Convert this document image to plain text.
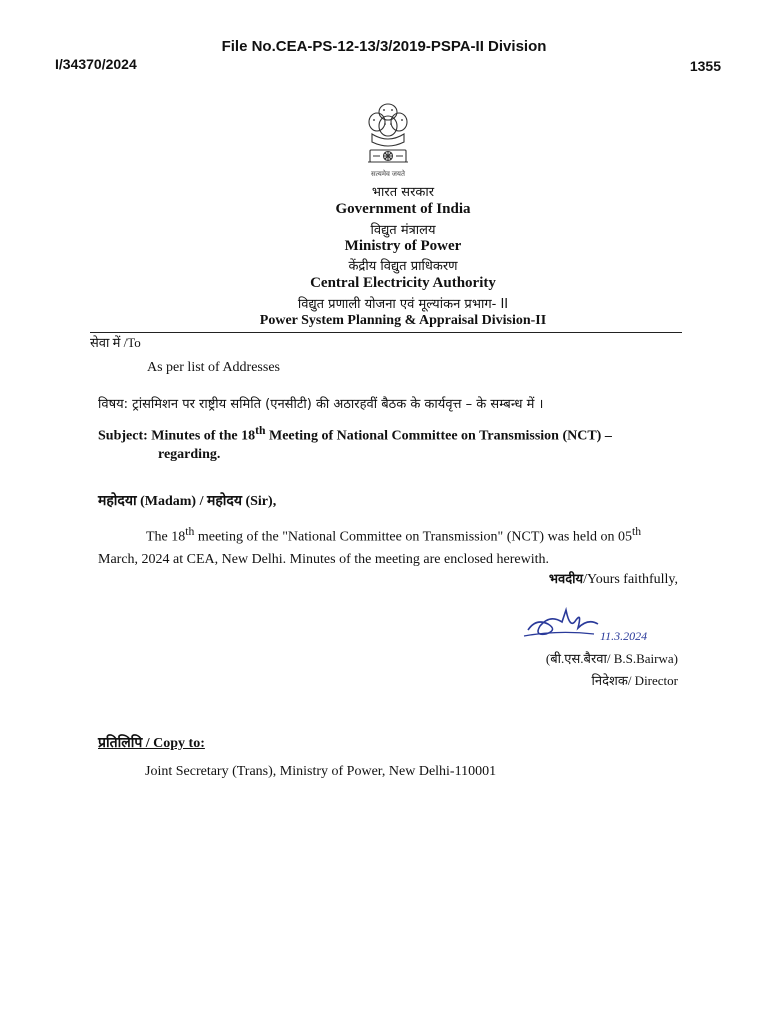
File No.CEA-PS-12-13/3/2019-PSPA-II Division
I/34370/2024	1355
सत्यमेव जयते
भारत सरकार
Government of India
विद्युत मंत्रालय
Ministry of Power
केंद्रीय विद्युत प्राधिकरण
Central Electricity Authority
विद्युत प्रणाली योजना एवं मूल्यांकन प्रभाग- II
Power System Planning & Appraisal Division-II
सेवा में /To
As per list of Addresses
विषय: ट्रांसमिशन पर राष्ट्रीय समिति (एनसीटी) की अठारहवीं बैठक के कार्यवृत्त – के सम्बन्ध में ।
Subject: Minutes of the 18th Meeting of National Committee on Transmission (NCT) –
regarding.
महोदया (Madam) / महोदय (Sir),
The 18th meeting of the "National Committee on Transmission" (NCT) was held on 05th March, 2024 at CEA, New Delhi. Minutes of the meeting are enclosed herewith.
भवदीय/Yours faithfully,
11.3.2024
(बी.एस.बैरवा/ B.S.Bairwa)
निदेशक/ Director
प्रतिलिपि / Copy to:
Joint Secretary (Trans), Ministry of Power, New Delhi-110001
